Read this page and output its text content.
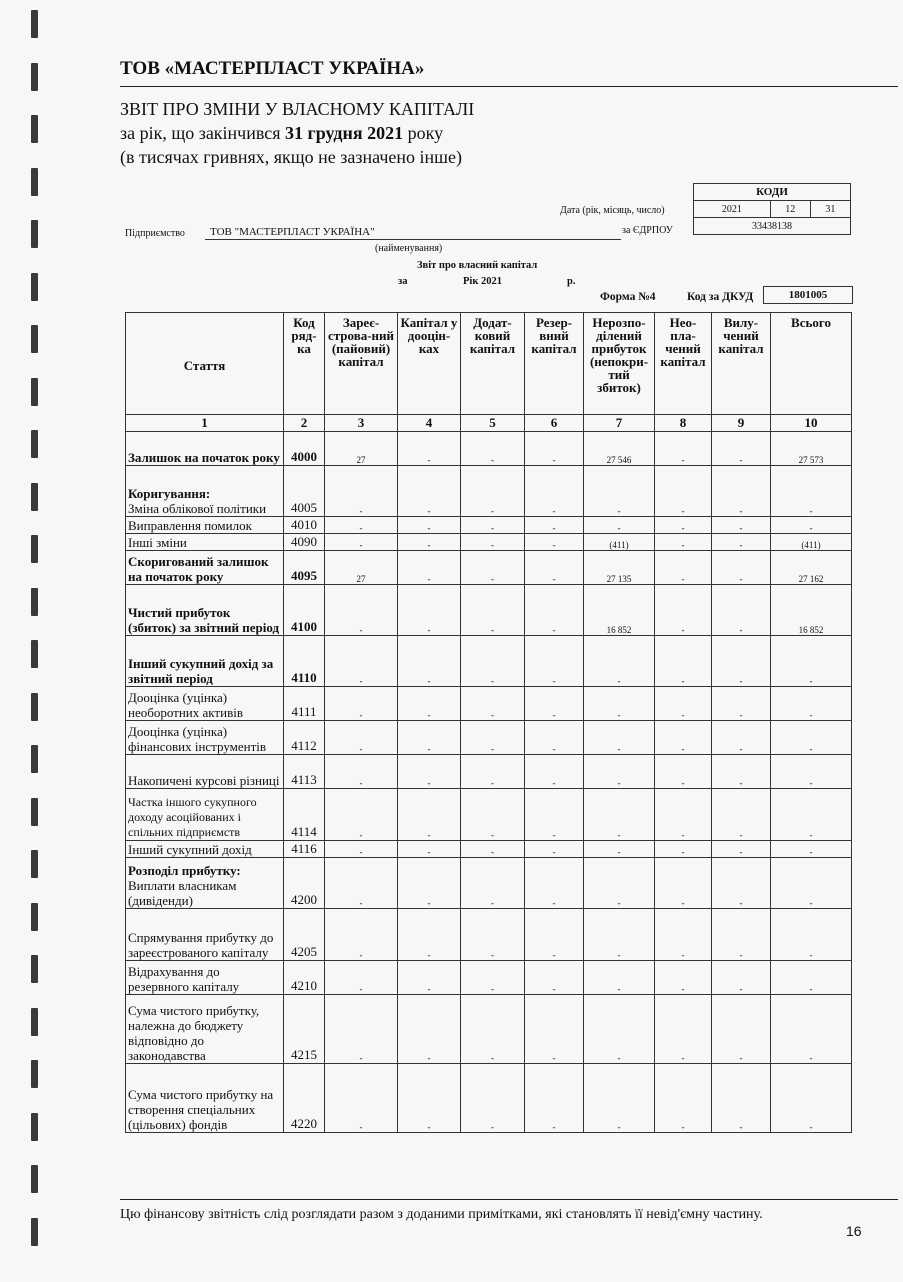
ТОВ «МАСТЕРПЛАСТ УКРАЇНА»
ЗВІТ ПРО ЗМІНИ У ВЛАСНОМУ КАПІТАЛІ
за рік, що закінчився 31 грудня 2021 року
(в тисячах гривнях, якщо не зазначено інше)
КОДИ
2021	12	31
33438138
Дата (рік, місяць, число)
за ЄДРПОУ
Підприємство ТОВ "МАСТЕРПЛАСТ УКРАЇНА"
(найменування)
Звіт про власний капітал
за	Рік 2021	р.
Форма №4	Код за ДКУД	1801005
Стаття	Код ряд-ка	Зареє-строва-ний (пайовий) капітал	Капітал у дооцін-ках	Додат-ковий капітал	Резер-вний капітал	Нерозпо-ділений прибуток (непокри-тий збиток)	Нео-пла-чений капітал	Вилу-чений капітал	Всього
1	2	3	4	5	6	7	8	9	10
Залишок на початок року	4000	27	-	-	-	27 546	-	-	27 573

Коригування:
Зміна облікової політики	4005	-	-	-	-	-	-	-	-
Виправлення помилок	4010	-	-	-	-	-	-	-	-
Інші зміни	4090	-	-	-	-	(411)	-	-	(411)
Скоригований залишок на початок року	4095	27	-	-	-	27 135	-	-	27 162
Чистий прибуток (збиток) за звітний період	4100	-	-	-	-	16 852	-	-	16 852
Інший сукупний дохід за звітний період	4110	-	-	-	-	-	-	-	-
Дооцінка (уцінка) необоротних активів	4111	-	-	-	-	-	-	-	-
Дооцінка (уцінка) фінансових інструментів	4112	-	-	-	-	-	-	-	-
Накопичені курсові різниці	4113	-	-	-	-	-	-	-	-
Частка іншого сукупного доходу асоційованих і спільних підприємств	4114	-	-	-	-	-	-	-	-
Інший сукупний дохід	4116	-	-	-	-	-	-	-	-

Розподіл прибутку:
Виплати власникам (дивіденди)	4200	-	-	-	-	-	-	-	-
Спрямування прибутку до зареєстрованого капіталу	4205	-	-	-	-	-	-	-	-
Відрахування до резервного капіталу	4210	-	-	-	-	-	-	-	-
Сума чистого прибутку, належна до бюджету відповідно до законодавства	4215	-	-	-	-	-	-	-	-
Сума чистого прибутку на створення спеціальних (цільових) фондів	4220	-	-	-	-	-	-	-	-
Цю фінансову звітність слід розглядати разом з доданими примітками, які становлять її невід'ємну частину.
16
